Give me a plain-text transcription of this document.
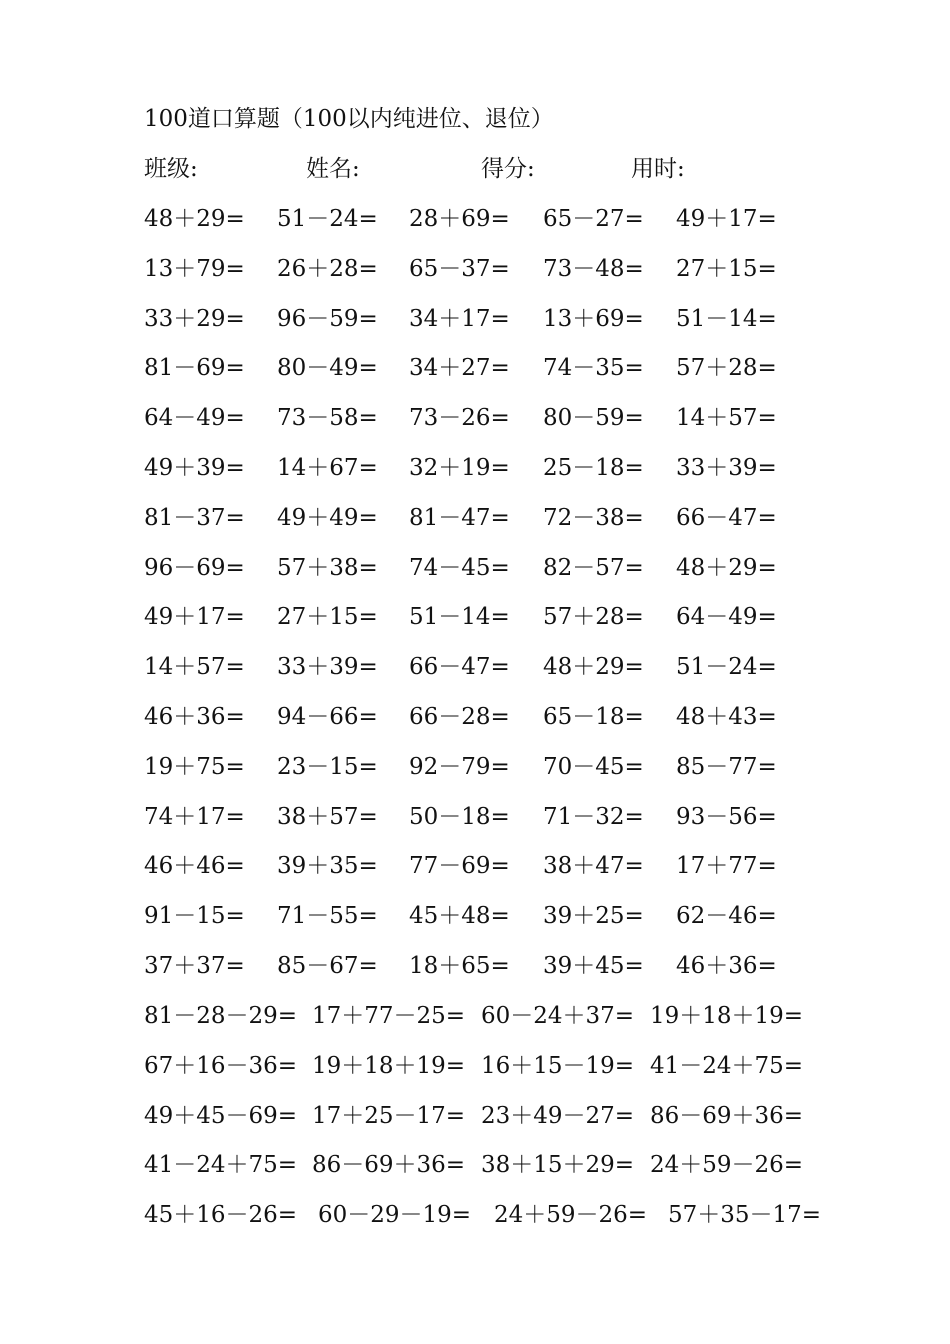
100道口算题（100以内纯进位、退位）
班级:	姓名:	得分:	用时:
48＋29= 51－24= 28＋69= 65－27= 49＋17=
13＋79= 26＋28= 65－37= 73－48= 27＋15=
33＋29= 96－59= 34＋17= 13＋69= 51－14=
81－69= 80－49= 34＋27= 74－35= 57＋28=
64－49= 73－58= 73－26= 80－59= 14＋57=
49＋39= 14＋67= 32＋19= 25－18= 33＋39=
81－37= 49＋49= 81－47= 72－38= 66－47=
96－69= 57＋38= 74－45= 82－57= 48＋29=
49＋17= 27＋15= 51－14= 57＋28= 64－49=
14＋57= 33＋39= 66－47= 48＋29= 51－24=
46＋36= 94－66= 66－28= 65－18= 48＋43=
19＋75= 23－15= 92－79= 70－45= 85－77=
74＋17= 38＋57= 50－18= 71－32= 93－56=
46＋46= 39＋35= 77－69= 38＋47= 17＋77=
91－15= 71－55= 45＋48= 39＋25= 62－46=
37＋37= 85－67= 18＋65= 39＋45= 46＋36=
81－28－29= 17＋77－25= 60－24＋37= 19＋18＋19=
67＋16－36= 19＋18＋19= 16＋15－19= 41－24＋75=
49＋45－69= 17＋25－17= 23＋49－27= 86－69＋36=
41－24＋75= 86－69＋36= 38＋15＋29= 24＋59－26=
45＋16－26= 60－29－19= 24＋59－26= 57＋35－17=
